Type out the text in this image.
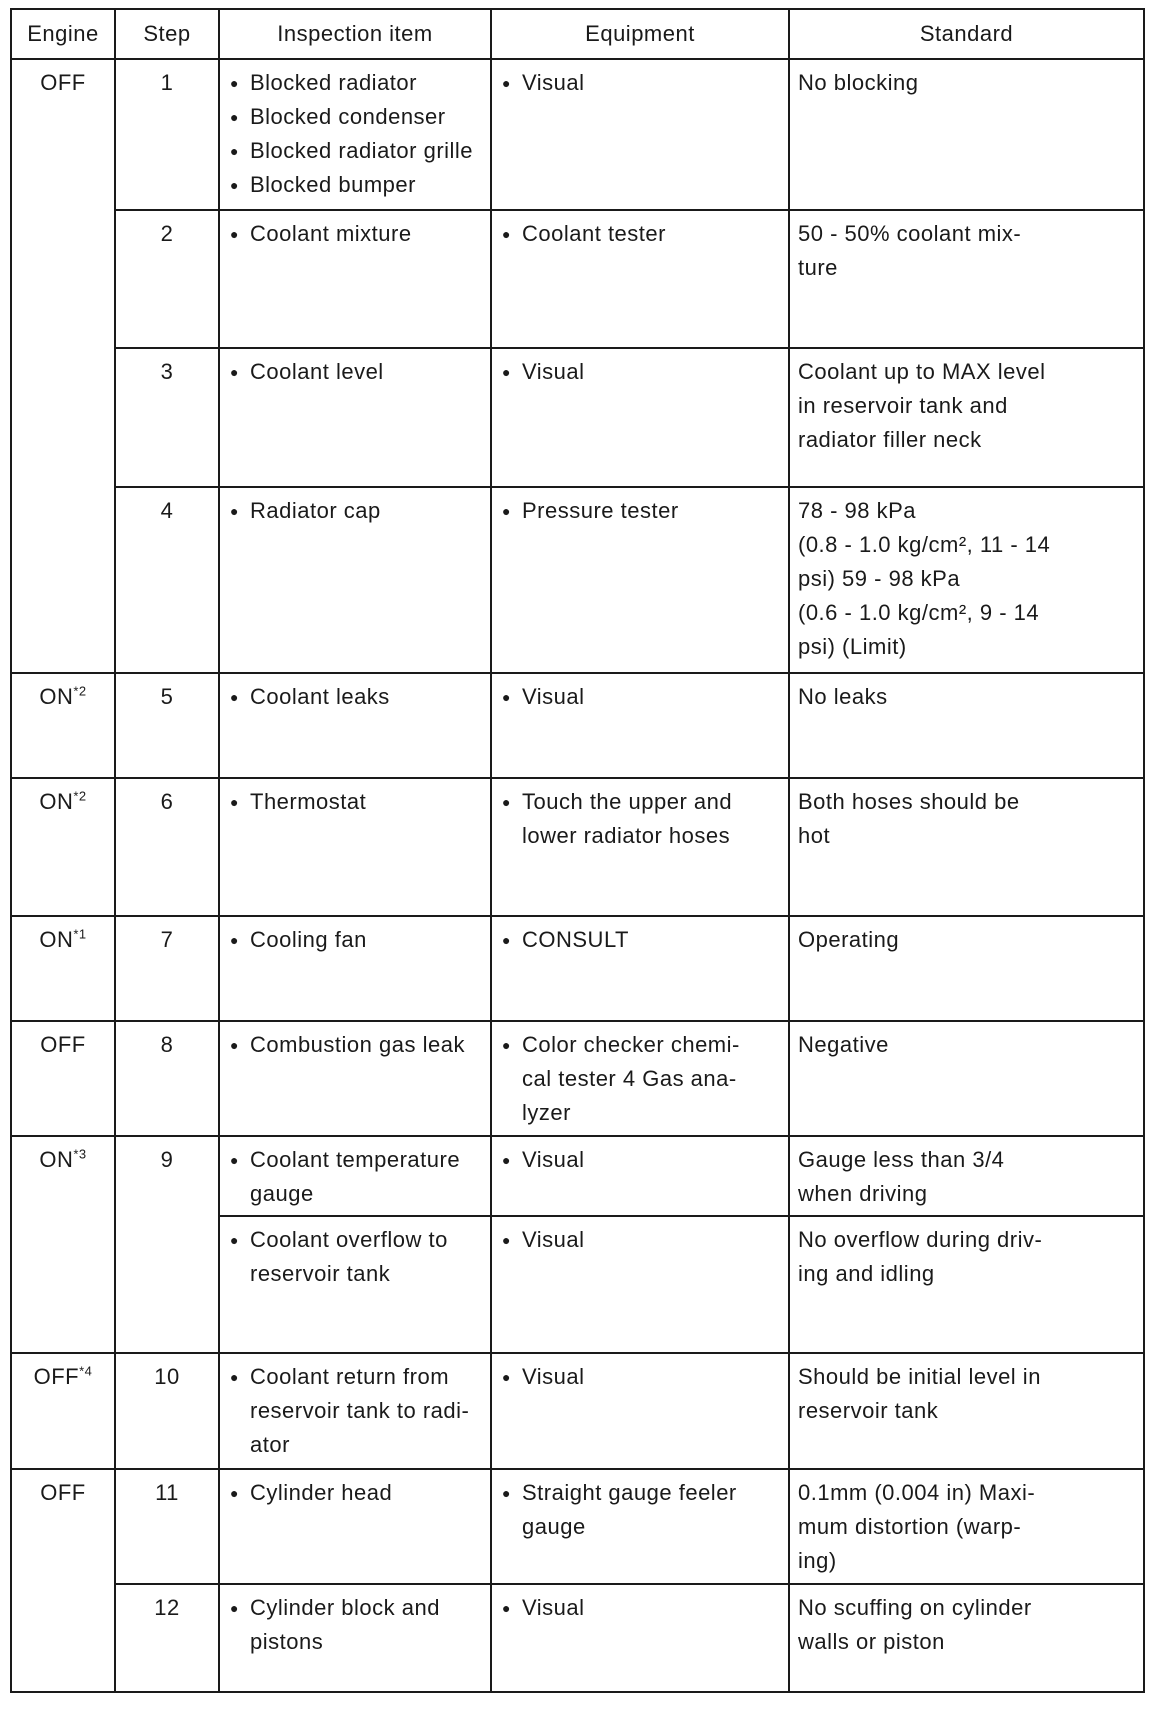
Engine	Step	Inspection item	Equipment	Standard
OFF	1	● Blocked radiator
● Blocked condenser
● Blocked radiator grille
● Blocked bumper	● Visual	No blocking

	2	● Coolant mixture	● Coolant tester	50 - 50% coolant mix-
ture

	3	● Coolant level	● Visual	Coolant up to MAX level
in reservoir tank and
radiator filler neck

	4	● Radiator cap	● Pressure tester	78 - 98 kPa
(0.8 - 1.0 kg/cm², 11 - 14
psi) 59 - 98 kPa
(0.6 - 1.0 kg/cm², 9 - 14
psi) (Limit)

ON$^{*2}$	5	● Coolant leaks	● Visual	No leaks

ON$^{*2}$	6	● Thermostat	● Touch the upper and
lower radiator hoses	Both hoses should be
hot

ON$^{*1}$	7	● Cooling fan	● CONSULT	Operating

OFF	8	● Combustion gas leak	● Color checker chemi-
cal tester 4 Gas ana-
lyzer	Negative

ON$^{*3}$	9	● Coolant temperature
gauge	● Visual	Gauge less than 3/4
when driving

		● Coolant overflow to
reservoir tank	● Visual	No overflow during driv-
ing and idling

OFF$^{*4}$	10	● Coolant return from
reservoir tank to radi-
ator	● Visual	Should be initial level in
reservoir tank

OFF	11	● Cylinder head	● Straight gauge feeler
gauge	0.1mm (0.004 in) Maxi-
mum distortion (warp-
ing)

	12	● Cylinder block and
pistons	● Visual	No scuffing on cylinder
walls or piston
